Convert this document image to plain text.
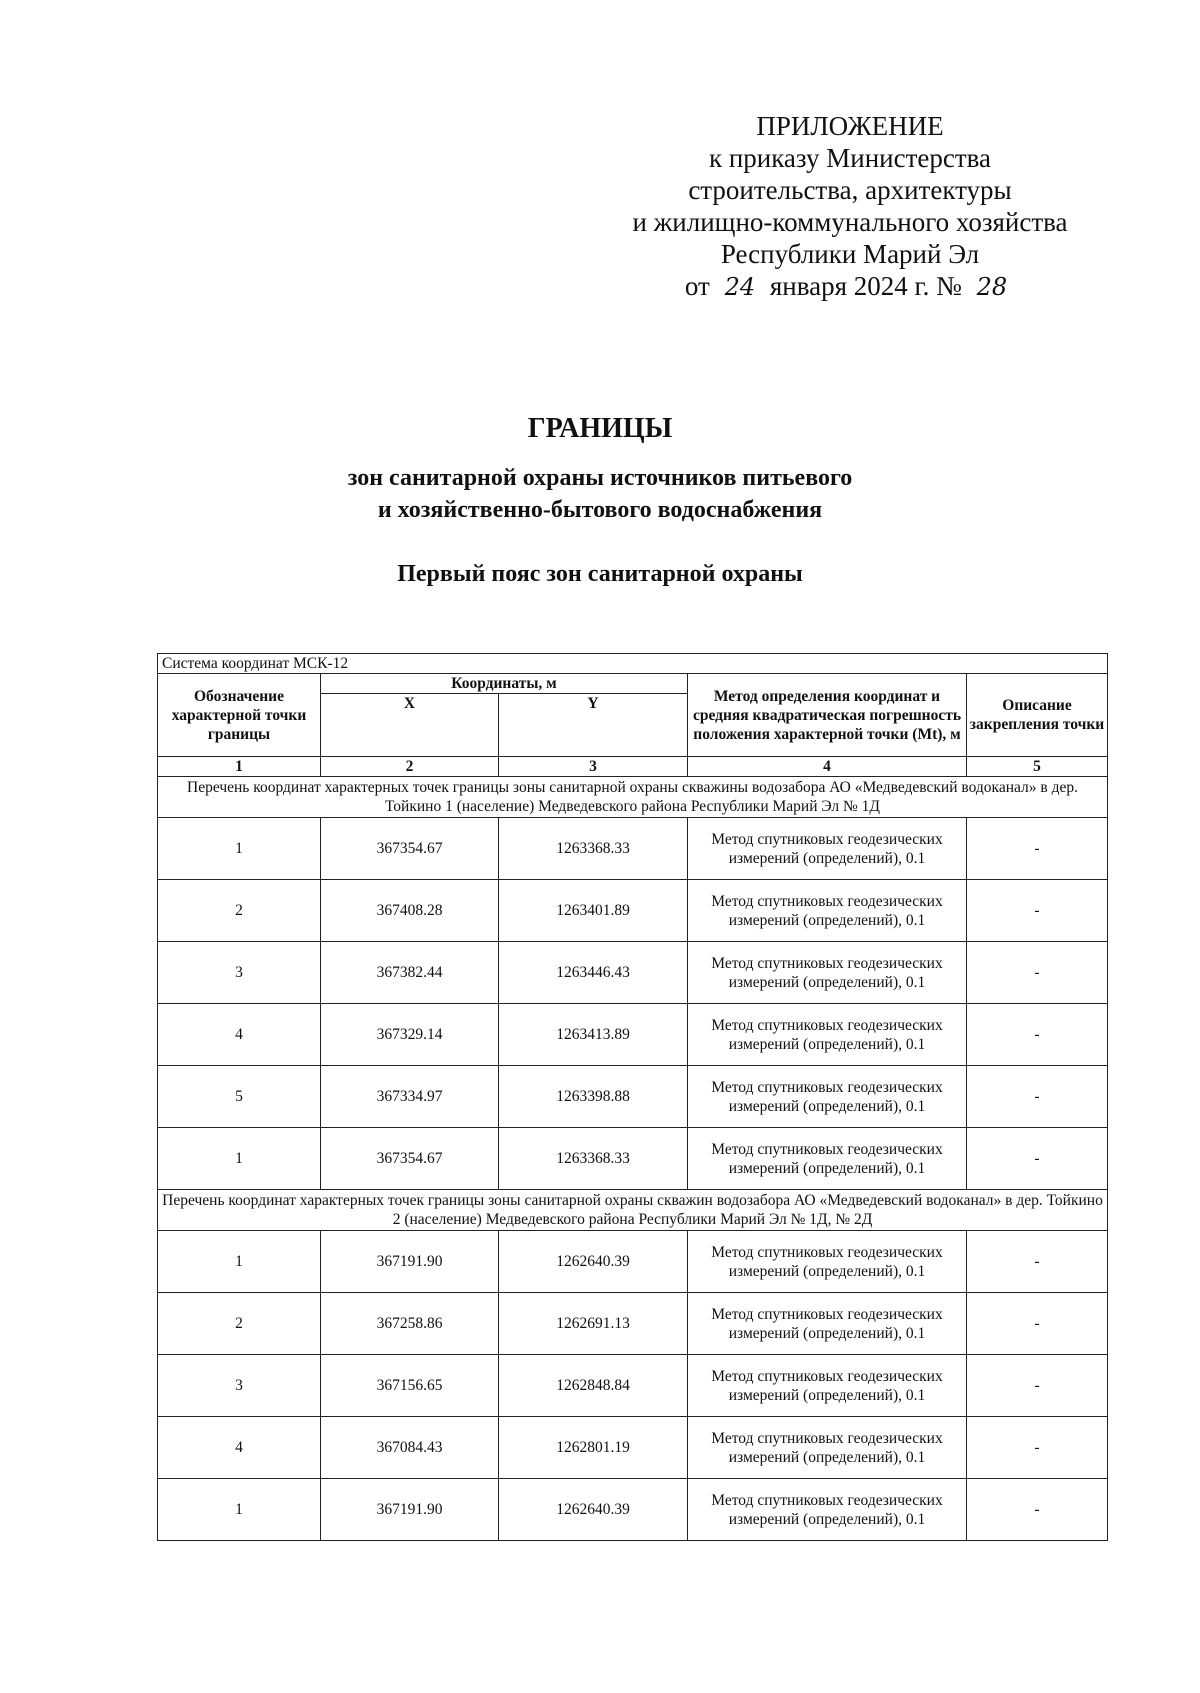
ПРИЛОЖЕНИЕ
к приказу Министерства
строительства, архитектуры
и жилищно-коммунального хозяйства
Республики Марий Эл
от 24 января 2024 г. № 28
ГРАНИЦЫ
зон санитарной охраны источников питьевого
и хозяйственно-бытового водоснабжения
Первый пояс зон санитарной охраны
Система координат МСК-12				
Обозначение характерной точки границы	Координаты, м		Метод определения координат и средняя квадратическая погрешность положения характерной точки (Mt), м	Описание закрепления точки
	X	Y		
1	2	3	4	5
Перечень координат характерных точек границы зоны санитарной охраны скважины водозабора АО «Медведевский водоканал» в дер. Тойкино 1 (население) Медведевского района Республики Марий Эл № 1Д				
1	367354.67	1263368.33	Метод спутниковых геодезических измерений (определений), 0.1	-
2	367408.28	1263401.89	Метод спутниковых геодезических измерений (определений), 0.1	-
3	367382.44	1263446.43	Метод спутниковых геодезических измерений (определений), 0.1	-
4	367329.14	1263413.89	Метод спутниковых геодезических измерений (определений), 0.1	-
5	367334.97	1263398.88	Метод спутниковых геодезических измерений (определений), 0.1	-
1	367354.67	1263368.33	Метод спутниковых геодезических измерений (определений), 0.1	-
Перечень координат характерных точек границы зоны санитарной охраны скважин водозабора АО «Медведевский водоканал» в дер. Тойкино 2 (население) Медведевского района Республики Марий Эл № 1Д, № 2Д				
1	367191.90	1262640.39	Метод спутниковых геодезических измерений (определений), 0.1	-
2	367258.86	1262691.13	Метод спутниковых геодезических измерений (определений), 0.1	-
3	367156.65	1262848.84	Метод спутниковых геодезических измерений (определений), 0.1	-
4	367084.43	1262801.19	Метод спутниковых геодезических измерений (определений), 0.1	-
1	367191.90	1262640.39	Метод спутниковых геодезических измерений (определений), 0.1	-
